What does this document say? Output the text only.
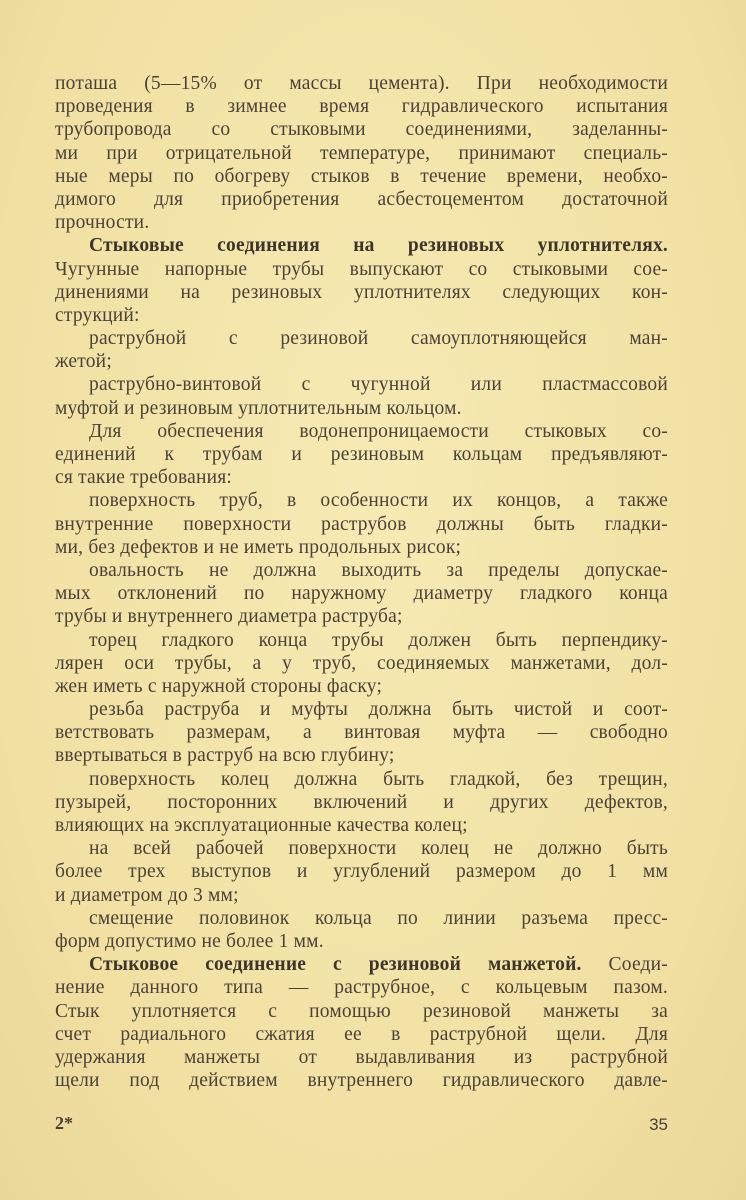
поташа (5—15% от массы цемента). При необходимости
проведения в зимнее время гидравлического испытания
трубопровода со стыковыми соединениями, заделанны-
ми при отрицательной температуре, принимают специаль-
ные меры по обогреву стыков в течение времени, необхо-
димого для приобретения асбестоцементом достаточной
прочности.
Стыковые соединения на резиновых уплотнителях.
Чугунные напорные трубы выпускают со стыковыми сое-
динениями на резиновых уплотнителях следующих кон-
струкций:
раструбной с резиновой самоуплотняющейся ман-
жетой;
раструбно-винтовой с чугунной или пластмассовой
муфтой и резиновым уплотнительным кольцом.
Для обеспечения водонепроницаемости стыковых со-
единений к трубам и резиновым кольцам предъявляют-
ся такие требования:
поверхность труб, в особенности их концов, а также
внутренние поверхности раструбов должны быть гладки-
ми, без дефектов и не иметь продольных рисок;
овальность не должна выходить за пределы допускае-
мых отклонений по наружному диаметру гладкого конца
трубы и внутреннего диаметра раструба;
торец гладкого конца трубы должен быть перпендику-
лярен оси трубы, а у труб, соединяемых манжетами, дол-
жен иметь с наружной стороны фаску;
резьба раструба и муфты должна быть чистой и соот-
ветствовать размерам, а винтовая муфта — свободно
ввертываться в раструб на всю глубину;
поверхность колец должна быть гладкой, без трещин,
пузырей, посторонних включений и других дефектов,
влияющих на эксплуатационные качества колец;
на всей рабочей поверхности колец не должно быть
более трех выступов и углублений размером до 1 мм
и диаметром до 3 мм;
смещение половинок кольца по линии разъема пресс-
форм допустимо не более 1 мм.
Стыковое соединение с резиновой манжетой. Соеди-
нение данного типа — раструбное, с кольцевым пазом.
Стык уплотняется с помощью резиновой манжеты за
счет радиального сжатия ее в раструбной щели. Для
удержания манжеты от выдавливания из раструбной
щели под действием внутреннего гидравлического давле-
2*	35
